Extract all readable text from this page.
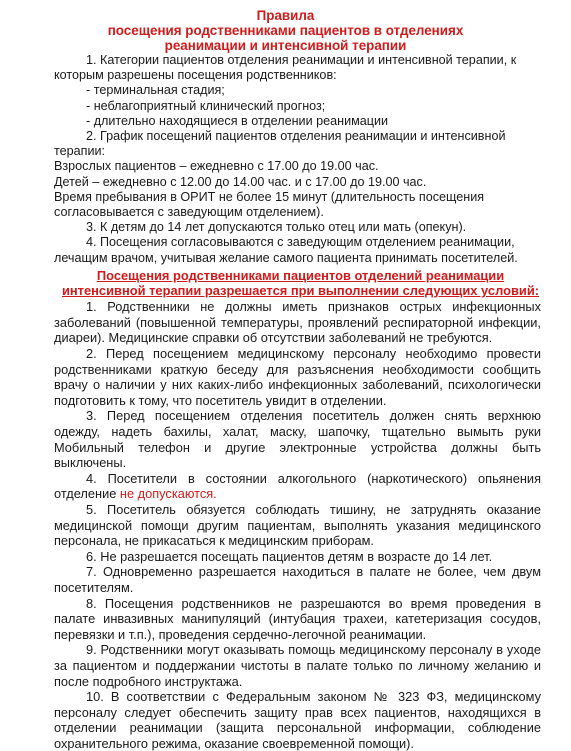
Правила

посещения родственниками пациентов в отделениях

реанимации и интенсивной терапии

1. Категории пациентов отделения реанимации и интенсивной терапии, к которым разрешены посещения родственников:

- терминальная стадия;

- неблагоприятный клинический прогноз;

- длительно находящиеся в отделении реанимации

2. График посещений пациентов отделения реанимации и интенсивной терапии:

Взрослых пациентов – ежедневно с 17.00 до 19.00 час.

Детей – ежедневно с 12.00 до 14.00 час. и с 17.00 до 19.00 час.

Время пребывания в ОРИТ не более 15 минут (длительность посещения согласовывается с заведующим отделением).

3. К детям до 14 лет допускаются только отец или мать (опекун).

4. Посещения согласовываются с заведующим отделением реанимации, лечащим врачом, учитывая желание самого пациента принимать посетителей.

Посещения родственниками пациентов отделений реанимации интенсивной терапии разрешается при выполнении следующих условий:

1. Родственники не должны иметь признаков острых инфекционных заболеваний (повышенной температуры, проявлений респираторной инфекции, диареи). Медицинские справки об отсутствии заболеваний не требуются.

2. Перед посещением медицинскому персоналу необходимо провести родственниками краткую беседу для разъяснения необходимости сообщить врачу о наличии у них каких-либо инфекционных заболеваний, психологически подготовить к тому, что посетитель увидит в отделении.

3. Перед посещением отделения посетитель должен снять верхнюю одежду, надеть бахилы, халат, маску, шапочку, тщательно вымыть руки Мобильный телефон и другие электронные устройства должны быть выключены.

4. Посетители в состоянии алкогольного (наркотического) опьянения отделение не допускаются.

5. Посетитель обязуется соблюдать тишину, не затруднять оказание медицинской помощи другим пациентам, выполнять указания медицинского персонала, не прикасаться к медицинским приборам.

6. Не разрешается посещать пациентов детям в возрасте до 14 лет.

7. Одновременно разрешается находиться в палате не более, чем двум посетителям.

8. Посещения родственников не разрешаются во время проведения в палате инвазивных манипуляций (интубация трахеи, катетеризация сосудов, перевязки и т.п.), проведения сердечно-легочной реанимации.

9. Родственники могут оказывать помощь медицинскому персоналу в уходе за пациентом и поддержании чистоты в палате только по личному желанию и после подробного инструктажа.

10. В соответствии с Федеральным законом № 323 ФЗ, медицинскому персоналу следует обеспечить защиту прав всех пациентов, находящихся в отделении реанимации (защита персональной информации, соблюдение охранительного режима, оказание своевременной помощи).
